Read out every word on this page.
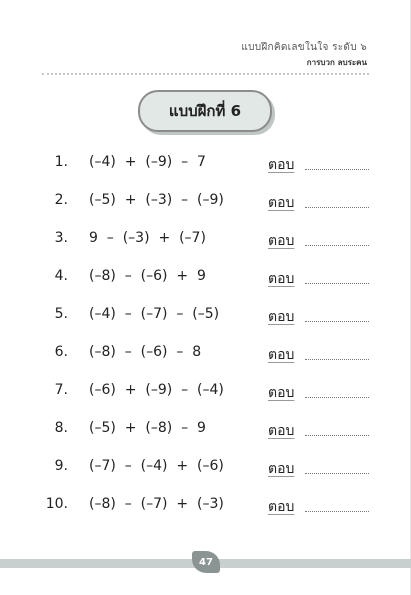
แบบฝึกคิดเลขในใจ ระดับ ๖
การบวก ลบระคน
แบบฝึกที่ 6
1. (–4)  +  (–9)  –  7	ตอบ
2. (–5)  +  (–3)  –  (–9)	ตอบ
3. 9  –  (–3)  +  (–7)	ตอบ
4. (–8)  –  (–6)  +  9	ตอบ
5. (–4)  –  (–7)  –  (–5)	ตอบ
6. (–8)  –  (–6)  –  8	ตอบ
7. (–6)  +  (–9)  –  (–4)	ตอบ
8. (–5)  +  (–8)  –  9	ตอบ
9. (–7)  –  (–4)  +  (–6)	ตอบ
10. (–8)  –  (–7)  +  (–3)	ตอบ
47
